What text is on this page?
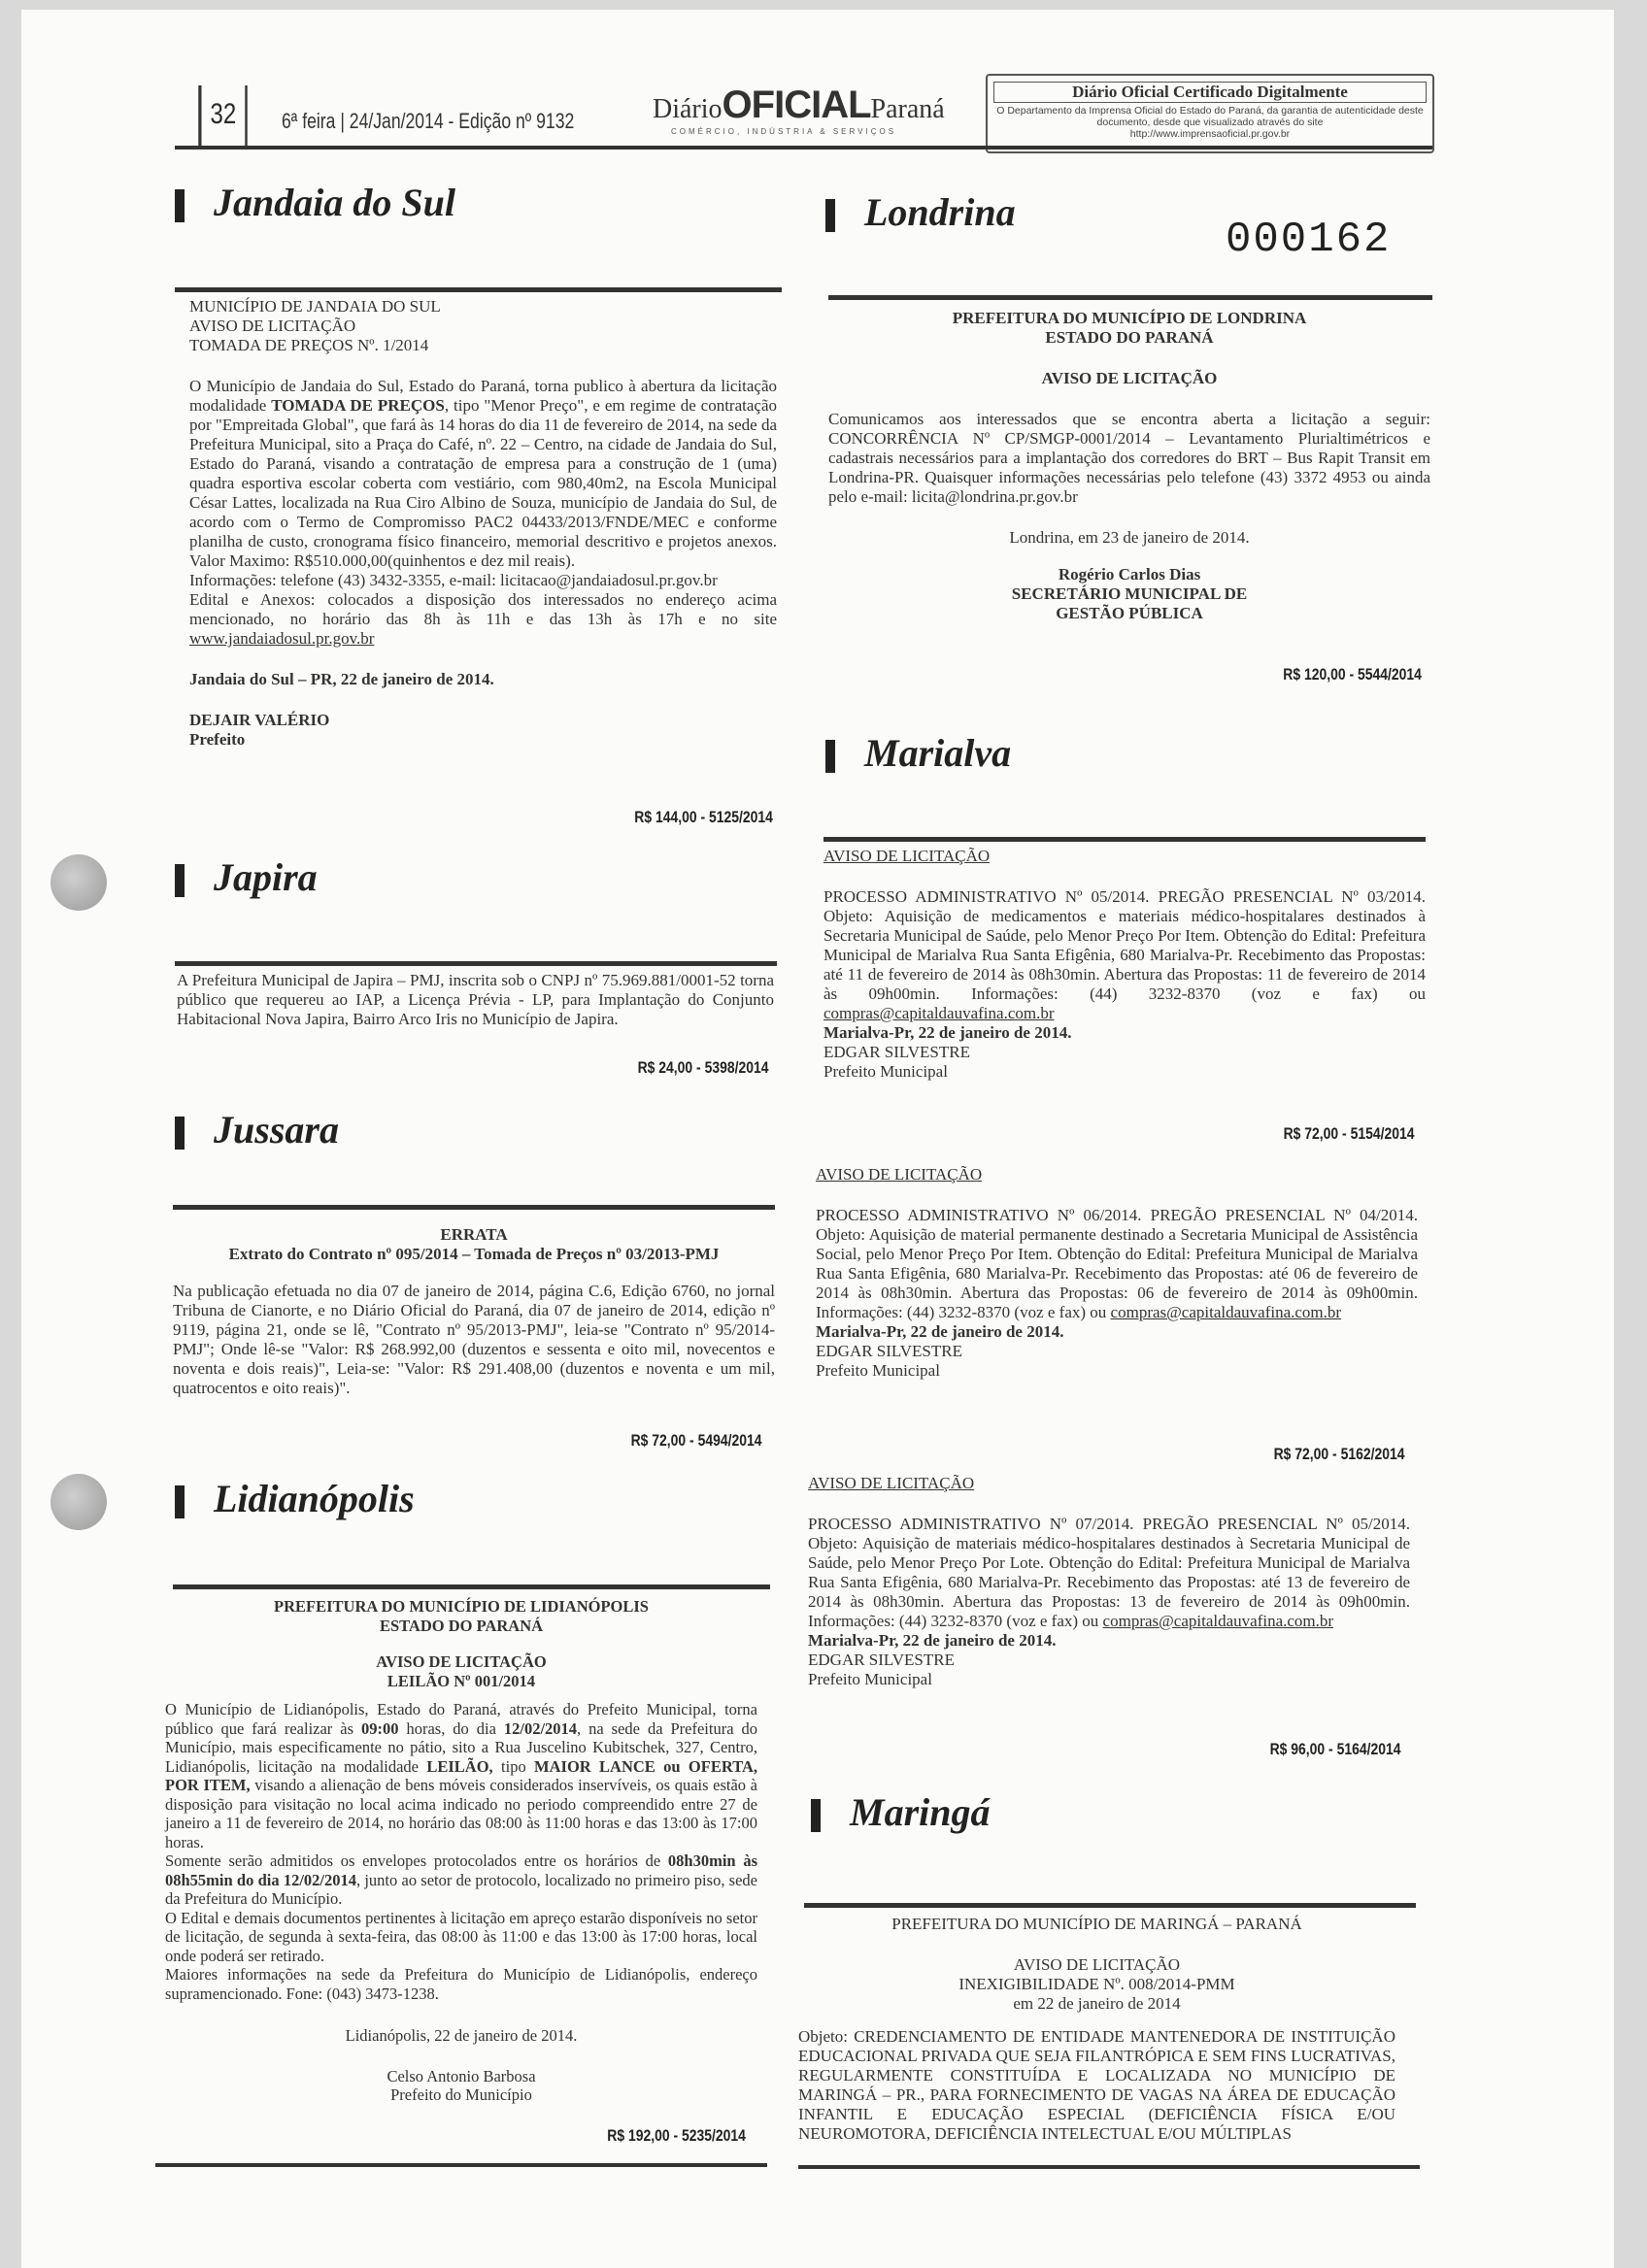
32	6ª feira | 24/Jan/2014 - Edição nº 9132	DiárioOFICIALParaná
COMÉRCIO, INDÚSTRIA & SERVIÇOS
Diário Oficial Certificado Digitalmente
O Departamento da Imprensa Oficial do Estado do Paraná, da garantia de autenticidade deste documento, desde que visualizado através do site
http://www.imprensaoficial.pr.gov.br
Jandaia do Sul

MUNICÍPIO DE JANDAIA DO SUL

AVISO DE LICITAÇÃO

TOMADA DE PREÇOS Nº. 1/2014

O Município de Jandaia do Sul, Estado do Paraná, torna publico à abertura da licitação modalidade TOMADA DE PREÇOS, tipo "Menor Preço", e em regime de contratação por "Empreitada Global", que fará às 14 horas do dia 11 de fevereiro de 2014, na sede da Prefeitura Municipal, sito a Praça do Café, nº. 22 – Centro, na cidade de Jandaia do Sul, Estado do Paraná, visando a contratação de empresa para a construção de 1 (uma) quadra esportiva escolar coberta com vestiário, com 980,40m2, na Escola Municipal César Lattes, localizada na Rua Ciro Albino de Souza, município de Jandaia do Sul, de acordo com o Termo de Compromisso PAC2 04433/2013/FNDE/MEC e conforme planilha de custo, cronograma físico financeiro, memorial descritivo e projetos anexos. Valor Maximo: R$510.000,00(quinhentos e dez mil reais).

Informações: telefone (43) 3432-3355, e-mail: licitacao@jandaiadosul.pr.gov.br

Edital e Anexos: colocados a disposição dos interessados no endereço acima mencionado, no horário das 8h às 11h e das 13h às 17h e no site www.jandaiadosul.pr.gov.br

Jandaia do Sul – PR, 22 de janeiro de 2014.

DEJAIR VALÉRIO

Prefeito

R$ 144,00 - 5125/2014
Japira
A Prefeitura Municipal de Japira – PMJ, inscrita sob o CNPJ nº 75.969.881/0001-52 torna público que requereu ao IAP, a Licença Prévia - LP, para Implantação do Conjunto Habitacional Nova Japira, Bairro Arco Iris no Município de Japira.
R$ 24,00 - 5398/2014
Jussara

ERRATA

Extrato do Contrato nº 095/2014 – Tomada de Preços nº 03/2013-PMJ

Na publicação efetuada no dia 07 de janeiro de 2014, página C.6, Edição 6760, no jornal Tribuna de Cianorte, e no Diário Oficial do Paraná, dia 07 de janeiro de 2014, edição nº 9119, página 21, onde se lê, "Contrato nº 95/2013-PMJ", leia-se "Contrato nº 95/2014-PMJ"; Onde lê-se "Valor: R$ 268.992,00 (duzentos e sessenta e oito mil, novecentos e noventa e dois reais)", Leia-se: "Valor: R$ 291.408,00 (duzentos e noventa e um mil, quatrocentos e oito reais)".

R$ 72,00 - 5494/2014
Lidianópolis

PREFEITURA DO MUNICÍPIO DE LIDIANÓPOLIS

ESTADO DO PARANÁ

AVISO DE LICITAÇÃO

LEILÃO Nº 001/2014

O Município de Lidianópolis, Estado do Paraná, através do Prefeito Municipal, torna público que fará realizar às 09:00 horas, do dia 12/02/2014, na sede da Prefeitura do Município, mais especificamente no pátio, sito a Rua Juscelino Kubitschek, 327, Centro, Lidianópolis, licitação na modalidade LEILÃO, tipo MAIOR LANCE ou OFERTA, POR ITEM, visando a alienação de bens móveis considerados inservíveis, os quais estão à disposição para visitação no local acima indicado no periodo compreendido entre 27 de janeiro a 11 de fevereiro de 2014, no horário das 08:00 às 11:00 horas e das 13:00 às 17:00 horas.

Somente serão admitidos os envelopes protocolados entre os horários de 08h30min às 08h55min do dia 12/02/2014, junto ao setor de protocolo, localizado no primeiro piso, sede da Prefeitura do Município.

O Edital e demais documentos pertinentes à licitação em apreço estarão disponíveis no setor de licitação, de segunda à sexta-feira, das 08:00 às 11:00 e das 13:00 às 17:00 horas, local onde poderá ser retirado.

Maiores informações na sede da Prefeitura do Município de Lidianópolis, endereço supramencionado. Fone: (043) 3473-1238.

Lidianópolis, 22 de janeiro de 2014.

Celso Antonio Barbosa

Prefeito do Município

R$ 192,00 - 5235/2014
Londrina
000162

PREFEITURA DO MUNICÍPIO DE LONDRINA

ESTADO DO PARANÁ

AVISO DE LICITAÇÃO

Comunicamos aos interessados que se encontra aberta a licitação a seguir: CONCORRÊNCIA Nº CP/SMGP-0001/2014 – Levantamento Plurialtimétricos e cadastrais necessários para a implantação dos corredores do BRT – Bus Rapit Transit em Londrina-PR. Quaisquer informações necessárias pelo telefone (43) 3372 4953 ou ainda pelo e-mail: licita@londrina.pr.gov.br

Londrina, em 23 de janeiro de 2014.

Rogério Carlos Dias

SECRETÁRIO MUNICIPAL DE

GESTÃO PÚBLICA

R$ 120,00 - 5544/2014
Marialva

AVISO DE LICITAÇÃO

PROCESSO ADMINISTRATIVO Nº 05/2014. PREGÃO PRESENCIAL Nº 03/2014. Objeto: Aquisição de medicamentos e materiais médico-hospitalares destinados à Secretaria Municipal de Saúde, pelo Menor Preço Por Item. Obtenção do Edital: Prefeitura Municipal de Marialva Rua Santa Efigênia, 680 Marialva-Pr. Recebimento das Propostas: até 11 de fevereiro de 2014 às 08h30min. Abertura das Propostas: 11 de fevereiro de 2014 às 09h00min. Informações: (44) 3232-8370 (voz e fax) ou compras@capitaldauvafina.com.br

Marialva-Pr, 22 de janeiro de 2014.

EDGAR SILVESTRE

Prefeito Municipal

R$ 72,00 - 5154/2014

AVISO DE LICITAÇÃO

PROCESSO ADMINISTRATIVO Nº 06/2014. PREGÃO PRESENCIAL Nº 04/2014. Objeto: Aquisição de material permanente destinado a Secretaria Municipal de Assistência Social, pelo Menor Preço Por Item. Obtenção do Edital: Prefeitura Municipal de Marialva Rua Santa Efigênia, 680 Marialva-Pr. Recebimento das Propostas: até 06 de fevereiro de 2014 às 08h30min. Abertura das Propostas: 06 de fevereiro de 2014 às 09h00min. Informações: (44) 3232-8370 (voz e fax) ou compras@capitaldauvafina.com.br

Marialva-Pr, 22 de janeiro de 2014.

EDGAR SILVESTRE

Prefeito Municipal

R$ 72,00 - 5162/2014

AVISO DE LICITAÇÃO

PROCESSO ADMINISTRATIVO Nº 07/2014. PREGÃO PRESENCIAL Nº 05/2014. Objeto: Aquisição de materiais médico-hospitalares destinados à Secretaria Municipal de Saúde, pelo Menor Preço Por Lote. Obtenção do Edital: Prefeitura Municipal de Marialva Rua Santa Efigênia, 680 Marialva-Pr. Recebimento das Propostas: até 13 de fevereiro de 2014 às 08h30min. Abertura das Propostas: 13 de fevereiro de 2014 às 09h00min. Informações: (44) 3232-8370 (voz e fax) ou compras@capitaldauvafina.com.br

Marialva-Pr, 22 de janeiro de 2014.

EDGAR SILVESTRE

Prefeito Municipal

R$ 96,00 - 5164/2014
Maringá

PREFEITURA DO MUNICÍPIO DE MARINGÁ – PARANÁ

AVISO DE LICITAÇÃO

INEXIGIBILIDADE Nº. 008/2014-PMM

em 22 de janeiro de 2014

Objeto: CREDENCIAMENTO DE ENTIDADE MANTENEDORA DE INSTITUIÇÃO EDUCACIONAL PRIVADA QUE SEJA FILANTRÓPICA E SEM FINS LUCRATIVAS, REGULARMENTE CONSTITUÍDA E LOCALIZADA NO MUNICÍPIO DE MARINGÁ – PR., PARA FORNECIMENTO DE VAGAS NA ÁREA DE EDUCAÇÃO INFANTIL E EDUCAÇÃO ESPECIAL (DEFICIÊNCIA FÍSICA E/OU NEUROMOTORA, DEFICIÊNCIA INTELECTUAL E/OU MÚLTIPLAS
